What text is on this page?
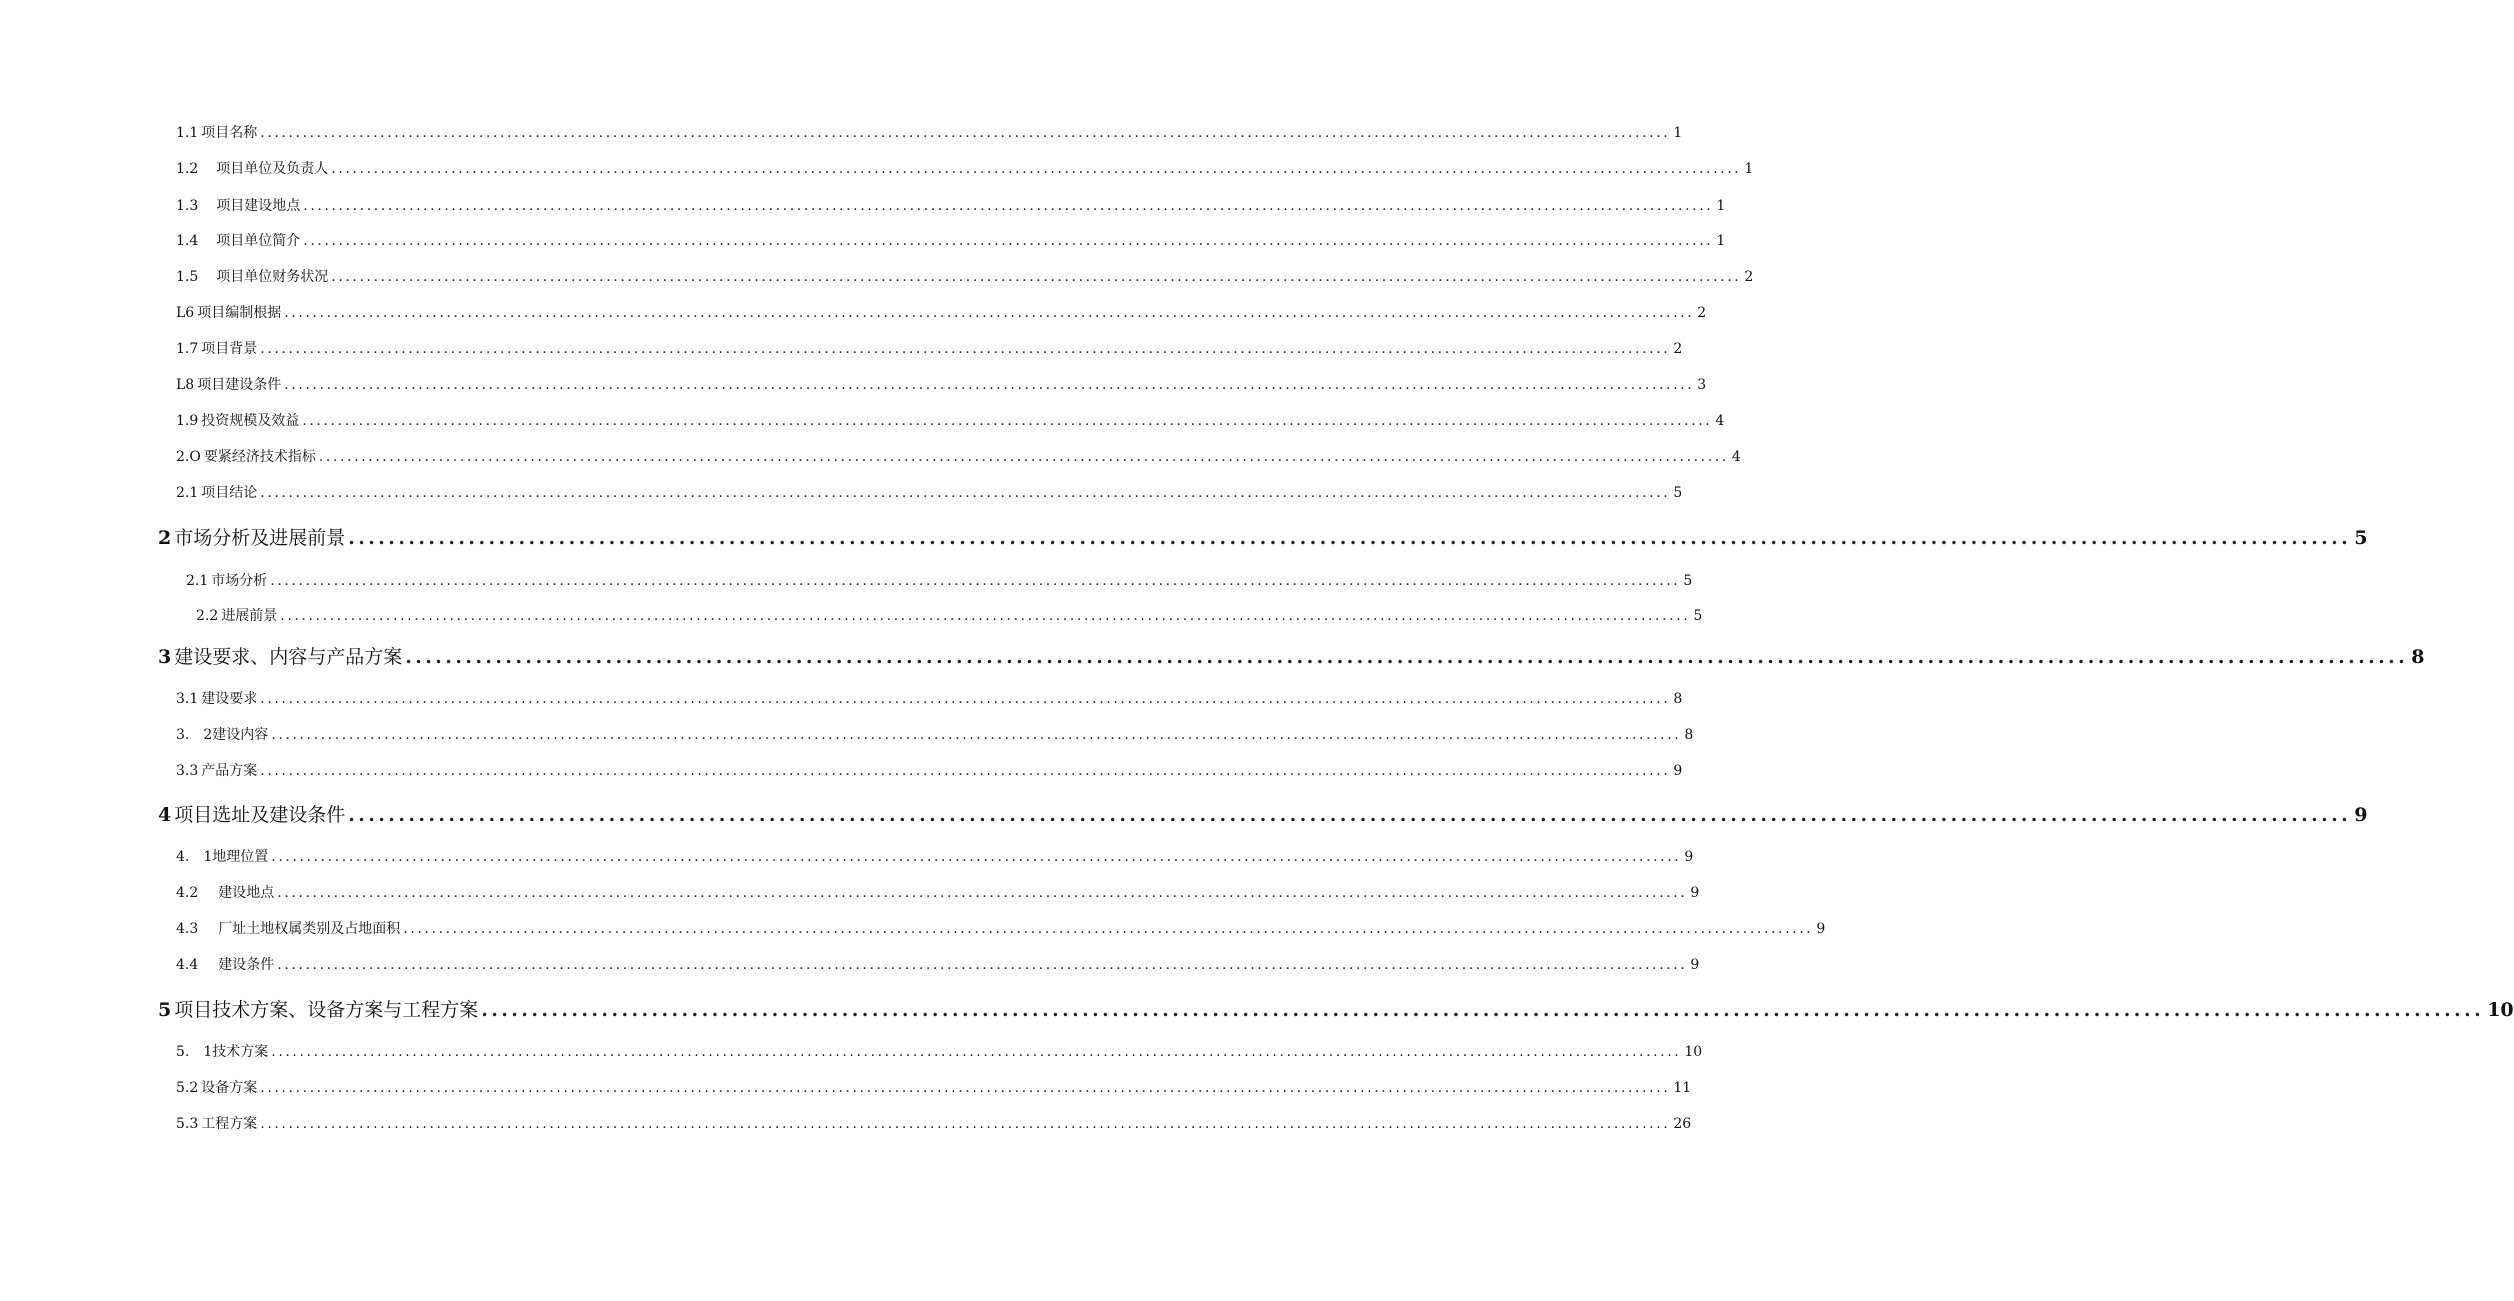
1.1 项目名称 ........................................................................................................................................................................................................ 1
1.2 项目单位及负责人 ........................................................................................................................................................................................................ 1
1.3 项目建设地点 ........................................................................................................................................................................................................ 1
1.4 项目单位简介 ........................................................................................................................................................................................................ 1
1.5 项目单位财务状况 ........................................................................................................................................................................................................ 2
L6 项目编制根据 ........................................................................................................................................................................................................ 2
1.7 项目背景 ........................................................................................................................................................................................................ 2
L8 项目建设条件 ........................................................................................................................................................................................................ 3
1.9 投资规模及效益 ........................................................................................................................................................................................................ 4
2.O 要紧经济技术指标 ........................................................................................................................................................................................................ 4
2.1 项目结论 ........................................................................................................................................................................................................ 5
2 市场分析及进展前景 ........................................................................................................................................................................................................ 5
2.1 市场分析 ........................................................................................................................................................................................................ 5
2.2 进展前景 ........................................................................................................................................................................................................ 5
3 建设要求、内容与产品方案 ........................................................................................................................................................................................................ 8
3.1 建设要求 ........................................................................................................................................................................................................ 8
3. 2建设内容 ........................................................................................................................................................................................................ 8
3.3 产品方案 ........................................................................................................................................................................................................ 9
4 项目选址及建设条件 ........................................................................................................................................................................................................ 9
4. 1地理位置 ........................................................................................................................................................................................................ 9
4.2 建设地点 ........................................................................................................................................................................................................ 9
4.3 厂址土地权属类别及占地面积 ........................................................................................................................................................................................................ 9
4.4 建设条件 ........................................................................................................................................................................................................ 9
5 项目技术方案、设备方案与工程方案 ........................................................................................................................................................................................................ 10
5. 1技术方案 ........................................................................................................................................................................................................ 10
5.2 设备方案 ........................................................................................................................................................................................................ 11
5.3 工程方案 ........................................................................................................................................................................................................ 26
